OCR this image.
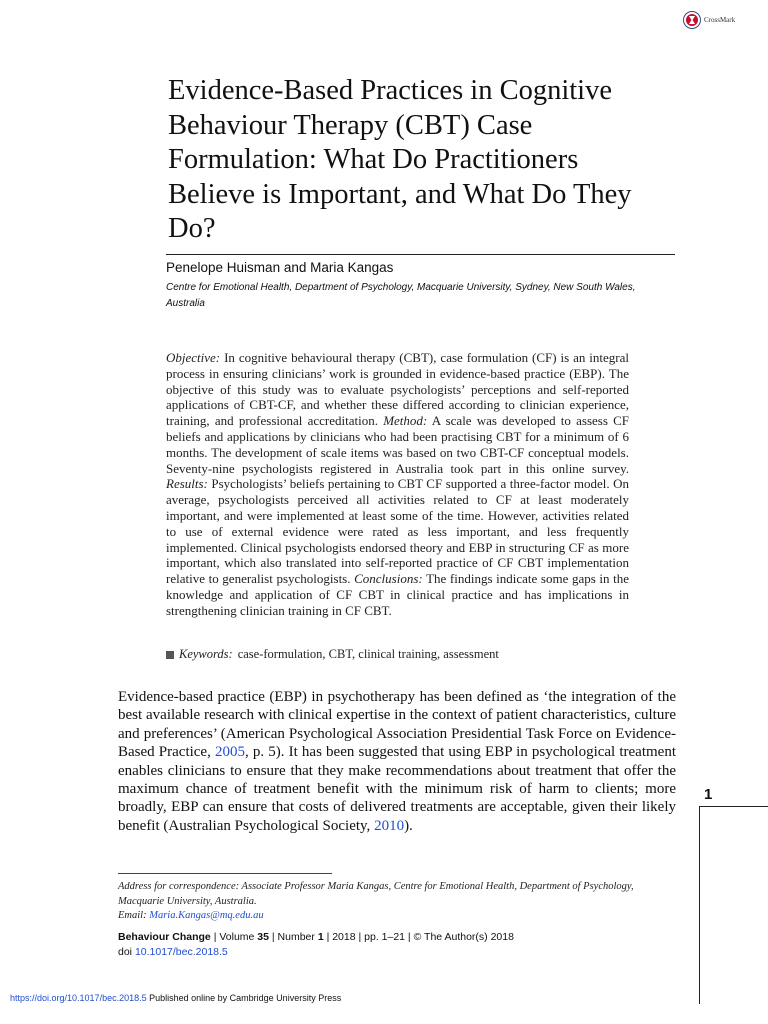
CrossMark
Evidence-Based Practices in Cognitive Behaviour Therapy (CBT) Case Formulation: What Do Practitioners Believe is Important, and What Do They Do?
Penelope Huisman and Maria Kangas
Centre for Emotional Health, Department of Psychology, Macquarie University, Sydney, New South Wales, Australia
Objective: In cognitive behavioural therapy (CBT), case formulation (CF) is an integral process in ensuring clinicians’ work is grounded in evidence-based practice (EBP). The objective of this study was to evaluate psychologists’ perceptions and self-reported applications of CBT-CF, and whether these differed according to clinician experience, training, and professional accreditation. Method: A scale was developed to assess CF beliefs and applications by clinicians who had been practising CBT for a minimum of 6 months. The development of scale items was based on two CBT-CF conceptual models. Seventy-nine psychologists registered in Australia took part in this online survey. Results: Psychologists’ beliefs pertaining to CBT CF supported a three-factor model. On average, psychologists perceived all activities related to CF at least moderately important, and were implemented at least some of the time. However, activities related to use of external evidence were rated as less important, and less frequently implemented. Clinical psychologists endorsed theory and EBP in structuring CF as more important, which also translated into self-reported practice of CF CBT implementation relative to generalist psychologists. Conclusions: The findings indicate some gaps in the knowledge and application of CF CBT in clinical practice and has implications in strengthening clinician training in CF CBT.
Keywords: case-formulation, CBT, clinical training, assessment
Evidence-based practice (EBP) in psychotherapy has been defined as ‘the integration of the best available research with clinical expertise in the context of patient characteristics, culture and preferences’ (American Psychological Association Presidential Task Force on Evidence-Based Practice, 2005, p. 5). It has been suggested that using EBP in psychological treatment enables clinicians to ensure that they make recommendations about treatment that offer the maximum chance of treatment benefit with the minimum risk of harm to clients; more broadly, EBP can ensure that costs of delivered treatments are acceptable, given their likely benefit (Australian Psychological Society, 2010).
1
Address for correspondence: Associate Professor Maria Kangas, Centre for Emotional Health, Department of Psychology, Macquarie University, Australia.
Email: Maria.Kangas@mq.edu.au
Behaviour Change | Volume 35 | Number 1 | 2018 | pp. 1–21 | © The Author(s) 2018
doi 10.1017/bec.2018.5
https://doi.org/10.1017/bec.2018.5 Published online by Cambridge University Press
